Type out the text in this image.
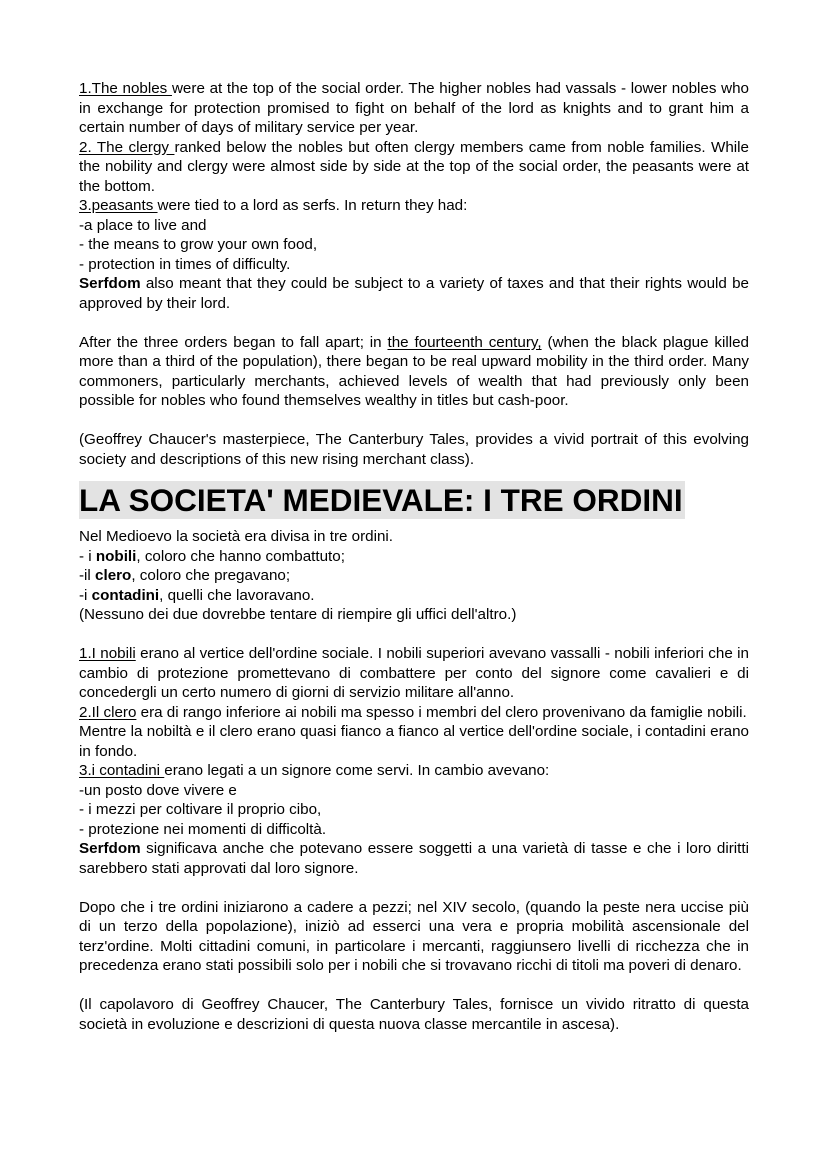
1.The nobles were at the top of the social order. The higher nobles had vassals - lower nobles who in exchange for protection promised to fight on behalf of the lord as knights and to grant him a certain number of days of military service per year.

2. The clergy ranked below the nobles but often clergy members came from noble families. While the nobility and clergy were almost side by side at the top of the social order, the peasants were at the bottom.

3.peasants were tied to a lord as serfs. In return they had:

-a place to live and

- the means to grow your own food,

- protection in times of difficulty.

Serfdom also meant that they could be subject to a variety of taxes and that their rights would be approved by their lord.

After the three orders began to fall apart; in the fourteenth century, (when the black plague killed more than a third of the population), there began to be real upward mobility in the third order. Many commoners, particularly merchants, achieved levels of wealth that had previously only been possible for nobles who found themselves wealthy in titles but cash-poor.

(Geoffrey Chaucer's masterpiece, The Canterbury Tales, provides a vivid portrait of this evolving society and descriptions of this new rising merchant class).

LA SOCIETA' MEDIEVALE: I TRE ORDINI

Nel Medioevo la società era divisa in tre ordini.

- i nobili, coloro che hanno combattuto;

-il clero, coloro che pregavano;

-i contadini, quelli che lavoravano.

(Nessuno dei due dovrebbe tentare di riempire gli uffici dell'altro.)

1.I nobili erano al vertice dell'ordine sociale. I nobili superiori avevano vassalli - nobili inferiori che in cambio di protezione promettevano di combattere per conto del signore come cavalieri e di concedergli un certo numero di giorni di servizio militare all'anno.

2.Il clero era di rango inferiore ai nobili ma spesso i membri del clero provenivano da famiglie nobili.

Mentre la nobiltà e il clero erano quasi fianco a fianco al vertice dell'ordine sociale, i contadini erano in fondo.

3.i contadini erano legati a un signore come servi. In cambio avevano:

-un posto dove vivere e

- i mezzi per coltivare il proprio cibo,

- protezione nei momenti di difficoltà.

Serfdom significava anche che potevano essere soggetti a una varietà di tasse e che i loro diritti sarebbero stati approvati dal loro signore.

Dopo che i tre ordini iniziarono a cadere a pezzi; nel XIV secolo, (quando la peste nera uccise più di un terzo della popolazione), iniziò ad esserci una vera e propria mobilità ascensionale del terz'ordine. Molti cittadini comuni, in particolare i mercanti, raggiunsero livelli di ricchezza che in precedenza erano stati possibili solo per i nobili che si trovavano ricchi di titoli ma poveri di denaro.

(Il capolavoro di Geoffrey Chaucer, The Canterbury Tales, fornisce un vivido ritratto di questa società in evoluzione e descrizioni di questa nuova classe mercantile in ascesa).
